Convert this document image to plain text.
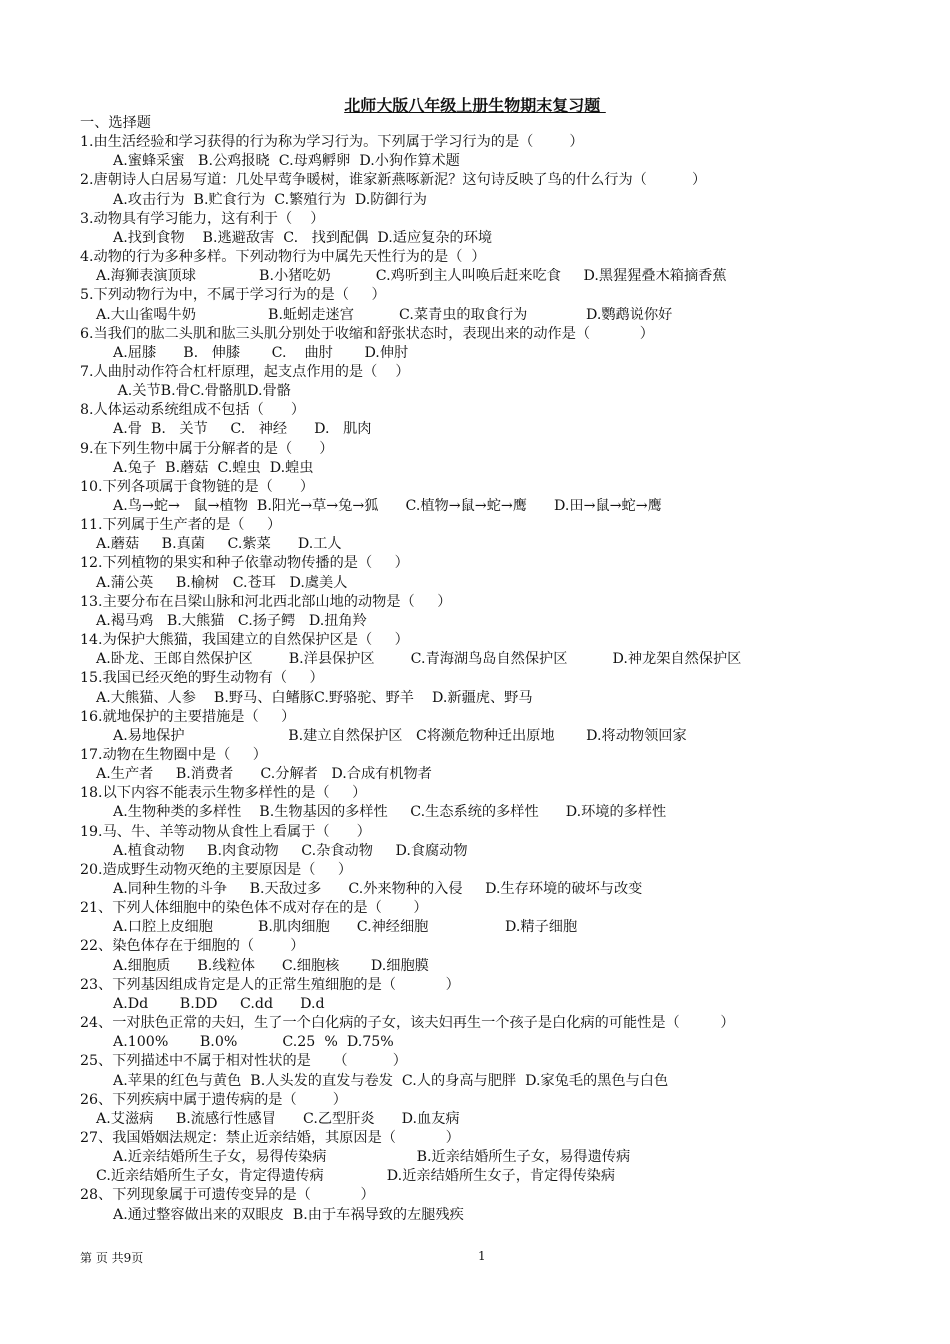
北师大版八年级上册生物期末复习题
一、选择题
1.由生活经验和学习获得的行为称为学习行为。下列属于学习行为的是（        ）
A.蜜蜂采蜜   B.公鸡报晓  C.母鸡孵卵  D.小狗作算术题
2.唐朝诗人白居易写道：几处早莺争暖树，谁家新燕啄新泥？这句诗反映了鸟的什么行为（          ）
A.攻击行为  B.贮食行为  C.繁殖行为  D.防御行为
3.动物具有学习能力，这有利于（    ）
A.找到食物    B.逃避敌害  C.   找到配偶  D.适应复杂的环境
4.动物的行为多种多样。下列动物行为中属先天性行为的是（  ）
A.海狮表演顶球              B.小猪吃奶          C.鸡听到主人叫唤后赶来吃食     D.黑猩猩叠木箱摘香蕉
5.下列动物行为中，不属于学习行为的是（     ）
A.大山雀喝牛奶                B.蚯蚓走迷宫          C.菜青虫的取食行为             D.鹦鹉说你好
6.当我们的肱二头肌和肱三头肌分别处于收缩和舒张状态时，表现出来的动作是（           ）
A.屈膝      B.   伸膝       C.    曲肘       D.伸肘
7.人曲肘动作符合杠杆原理，起支点作用的是（    ）
A.关节B.骨C.骨骼肌D.骨骼
8.人体运动系统组成不包括（      ）
A.骨  B.   关节     C.   神经      D.   肌肉
9.在下列生物中属于分解者的是（      ）
A.兔子  B.蘑菇  C.蝗虫  D.蝗虫
10.下列各项属于食物链的是（      ）
A.鸟→蛇→   鼠→植物  B.阳光→草→兔→狐      C.植物→鼠→蛇→鹰      D.田→鼠→蛇→鹰
11.下列属于生产者的是（     ）
A.蘑菇     B.真菌     C.紫菜      D.工人
12.下列植物的果实和种子依靠动物传播的是（     ）
A.蒲公英     B.榆树   C.苍耳   D.虞美人
13.主要分布在吕梁山脉和河北西北部山地的动物是（     ）
A.褐马鸡   B.大熊猫   C.扬子鳄   D.扭角羚
14.为保护大熊猫，我国建立的自然保护区是（     ）
A.卧龙、王郎自然保护区        B.洋县保护区        C.青海湖鸟岛自然保护区          D.神龙架自然保护区
15.我国已经灭绝的野生动物有（     ）
A.大熊猫、人参    B.野马、白鳍豚C.野骆驼、野羊    D.新疆虎、野马
16.就地保护的主要措施是（     ）
A.易地保护                       B.建立自然保护区   C将濒危物种迁出原地       D.将动物领回家
17.动物在生物圈中是（     ）
A.生产者     B.消费者      C.分解者   D.合成有机物者
18.以下内容不能表示生物多样性的是（     ）
A.生物种类的多样性    B.生物基因的多样性     C.生态系统的多样性      D.环境的多样性
19.马、牛、羊等动物从食性上看属于（      ）
A.植食动物     B.肉食动物     C.杂食动物     D.食腐动物
20.造成野生动物灭绝的主要原因是（     ）
A.同种生物的斗争     B.天敌过多      C.外来物种的入侵     D.生存环境的破坏与改变
21、下列人体细胞中的染色体不成对存在的是（       ）
A.口腔上皮细胞          B.肌肉细胞      C.神经细胞                 D.精子细胞
22、染色体存在于细胞的（        ）
A.细胞质      B.线粒体      C.细胞核       D.细胞膜
23、下列基因组成肯定是人的正常生殖细胞的是（           ）
A.Dd       B.DD     C.dd      D.d
24、一对肤色正常的夫妇，生了一个白化病的子女，该夫妇再生一个孩子是白化病的可能性是（         ）
A.100%       B.0%          C.25  %  D.75%
25、下列描述中不属于相对性状的是     （          ）
A.苹果的红色与黄色  B.人头发的直发与卷发  C.人的身高与肥胖  D.家兔毛的黑色与白色
26、下列疾病中属于遗传病的是（        ）
A.艾滋病     B.流感行性感冒      C.乙型肝炎      D.血友病
27、我国婚姻法规定：禁止近亲结婚，其原因是（           ）
A.近亲结婚所生子女，易得传染病                    B.近亲结婚所生子女，易得遗传病
C.近亲结婚所生子女，肯定得遗传病              D.近亲结婚所生女子，肯定得传染病
28、下列现象属于可遗传变异的是（           ）
A.通过整容做出来的双眼皮  B.由于车祸导致的左腿残疾
第 页 共9页	1
